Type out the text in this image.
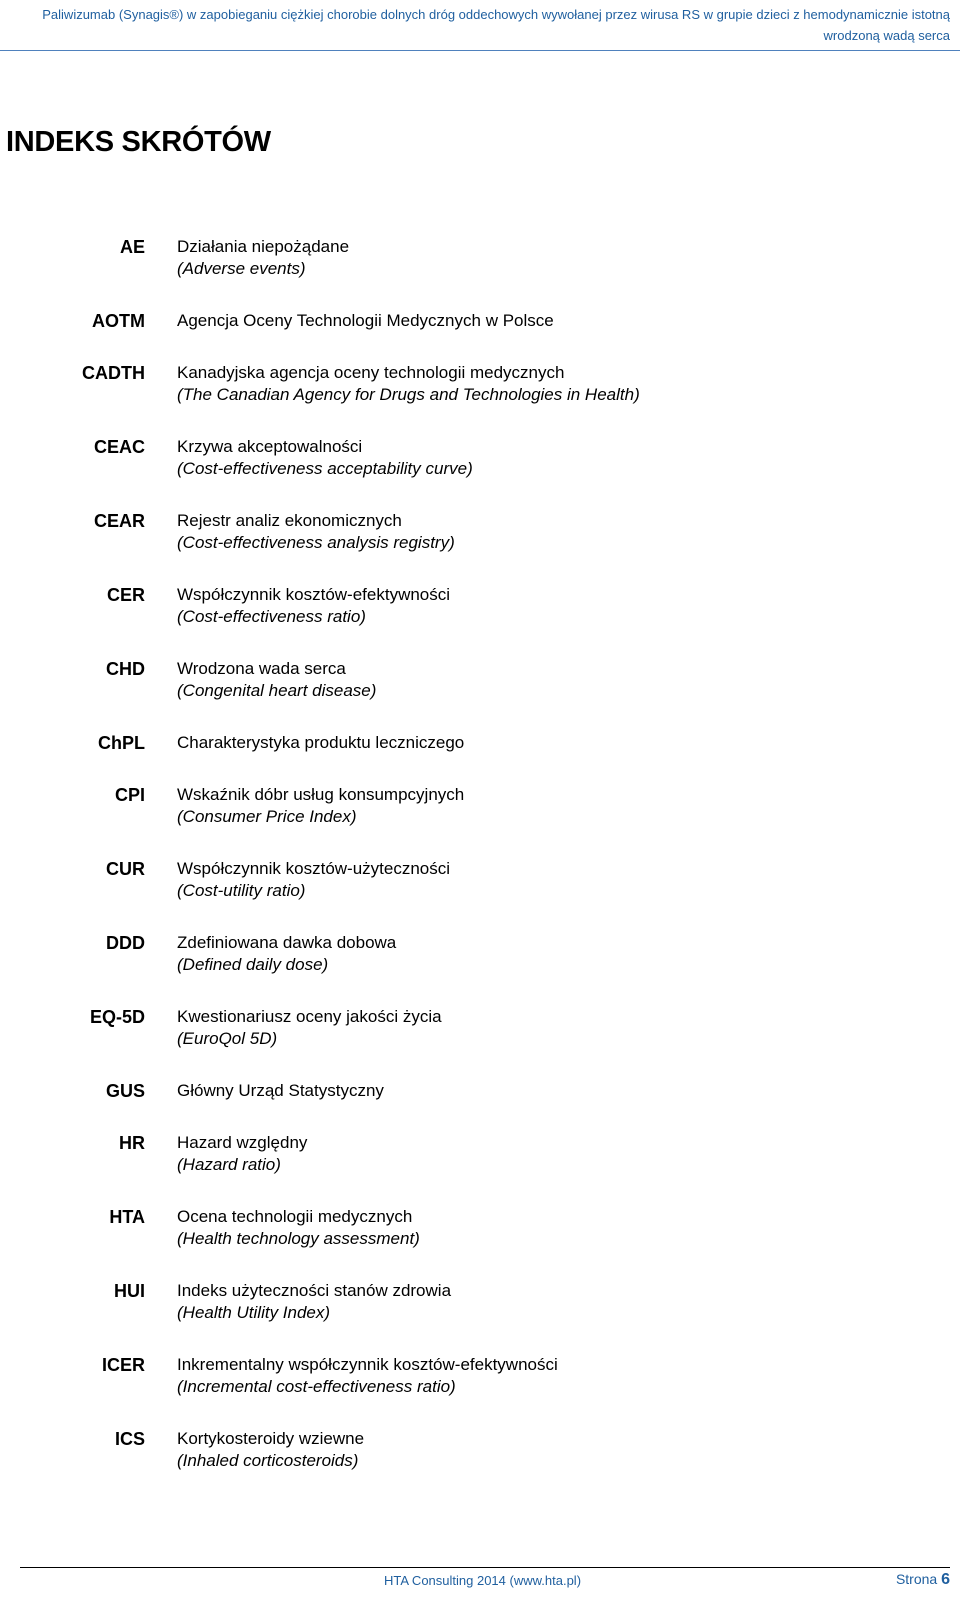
Paliwizumab (Synagis®) w zapobieganiu ciężkiej chorobie dolnych dróg oddechowych wywołanej przez wirusa RS w grupie dzieci z hemodynamicznie istotną wrodzoną wadą serca
INDEKS SKRÓTÓW
AE Działania niepożądane
(Adverse events)
AOTM Agencja Oceny Technologii Medycznych w Polsce
CADTH Kanadyjska agencja oceny technologii medycznych
(The Canadian Agency for Drugs and Technologies in Health)
CEAC Krzywa akceptowalności
(Cost-effectiveness acceptability curve)
CEAR Rejestr analiz ekonomicznych
(Cost-effectiveness analysis registry)
CER Współczynnik kosztów-efektywności
(Cost-effectiveness ratio)
CHD Wrodzona wada serca
(Congenital heart disease)
ChPL Charakterystyka produktu leczniczego
CPI Wskaźnik dóbr usług konsumpcyjnych
(Consumer Price Index)
CUR Współczynnik kosztów-użyteczności
(Cost-utility ratio)
DDD Zdefiniowana dawka dobowa
(Defined daily dose)
EQ-5D Kwestionariusz oceny jakości życia
(EuroQol 5D)
GUS Główny Urząd Statystyczny
HR Hazard względny
(Hazard ratio)
HTA Ocena technologii medycznych
(Health technology assessment)
HUI Indeks użyteczności stanów zdrowia
(Health Utility Index)
ICER Inkrementalny współczynnik kosztów-efektywności
(Incremental cost-effectiveness ratio)
ICS Kortykosteroidy wziewne
(Inhaled corticosteroids)
HTA Consulting 2014 (www.hta.pl)	Strona 6
